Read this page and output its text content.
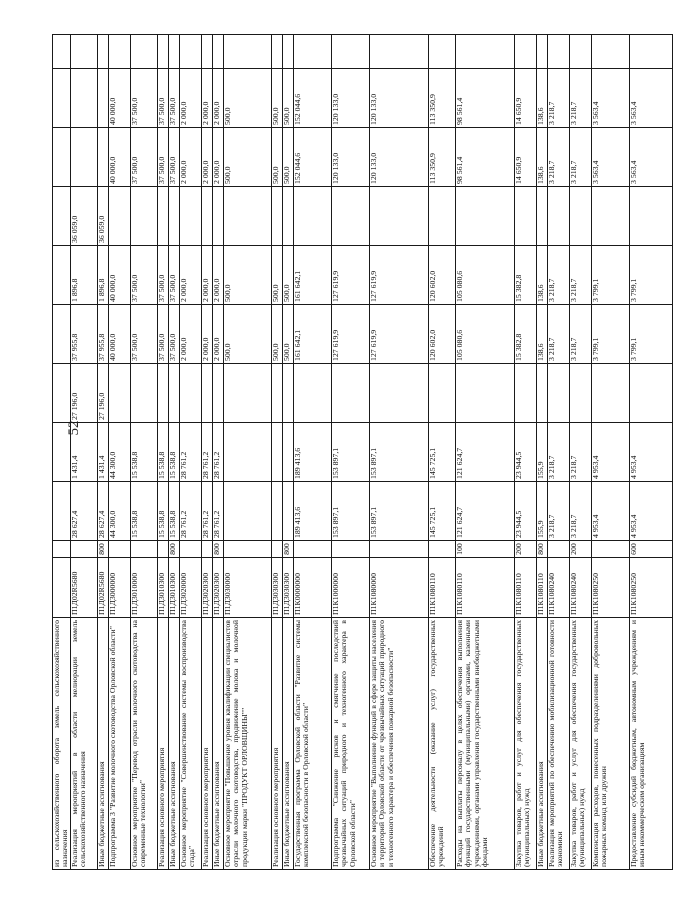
52
из сельскохозяйственного оборота земель сельскохозяйственного назначения											
Реализация мероприятий в области мелиорации земель сельскохозяйственного назначения	П1Д02R5680		28 627,4	1 431,4	27 196,0	37 955,8	1 896,8	36 059,0			
Иные бюджетные ассигнования	П1Д02R5680	800	28 627,4	1 431,4	27 196,0	37 955,8	1 896,8	36 059,0			
Подпрограмма 3 "Развитие молочного скотоводства Орловской области"	П1Д3000000		44 300,0	44 300,0		40 000,0	40 000,0		40 000,0	40 000,0	
Основное мероприятие "Перевод отрасли молочного скотоводства на современные технологии"	П1Д3010000		15 538,8	15 538,8		37 500,0	37 500,0		37 500,0	37 500,0	
Реализация основного мероприятия	П1Д3010300		15 538,8	15 538,8		37 500,0	37 500,0		37 500,0	37 500,0	
Иные бюджетные ассигнования	П1Д3010300	800	15 538,8	15 538,8		37 500,0	37 500,0		37 500,0	37 500,0	
Основное мероприятие "Совершенствование системы воспроизводства стада"	П1Д3020000		28 761,2	28 761,2		2 000,0	2 000,0		2 000,0	2 000,0	
Реализация основного мероприятия	П1Д3020300		28 761,2	28 761,2		2 000,0	2 000,0		2 000,0	2 000,0	
Иные бюджетные ассигнования	П1Д3020300	800	28 761,2	28 761,2		2 000,0	2 000,0		2 000,0	2 000,0	
Основное мероприятие "Повышение уровня квалификации специалистов отрасли молочного скотоводства, продвижение молока и молочной продукции марки "ПРОДУКТ ОРЛОВЩИНЫ""	П1Д3030000					500,0	500,0		500,0	500,0	
Реализация основного мероприятия	П1Д3030300					500,0	500,0		500,0	500,0	
Иные бюджетные ассигнования	П1Д3030300	800				500,0	500,0		500,0	500,0	
Государственная программа Орловской области "Развитие системы комплексной безопасности в Орловской области"	П1К0000000		189 413,6	189 413,6		161 642,1	161 642,1		152 044,6	152 044,6	
Подпрограмма "Снижение рисков и смягчение последствий чрезвычайных ситуаций природного и техногенного характера в Орловской области"	П1К1000000		153 897,1	153 897,1		127 619,9	127 619,9		120 133,0	120 133,0	
Основное мероприятие "Выполнение функций в сфере защиты населения и территорий Орловской области от чрезвычайных ситуаций природного и техногенного характера и обеспечения пожарной безопасности"	П1К1080000		153 897,1	153 897,1		127 619,9	127 619,9		120 133,0	120 133,0	
Обеспечение деятельности (оказание услуг) государственных учреждений	П1К1080110		145 725,1	145 725,1		120 602,0	120 602,0		113 350,9	113 350,9	
Расходы на выплаты персоналу в целях обеспечения выполнения функций государственными (муниципальными) органами, казенными учреждениями, органами управления государственными внебюджетными фондами	П1К1080110	100	121 624,7	121 624,7		105 080,6	105 080,6		98 561,4	98 561,4	
Закупка товаров, работ и услуг для обеспечения государственных (муниципальных) нужд	П1К1080110	200	23 944,5	23 944,5		15 382,8	15 382,8		14 650,9	14 650,9	
Иные бюджетные ассигнования	П1К1080110	800	155,9	155,9		138,6	138,6		138,6	138,6	
Реализация мероприятий по обеспечению мобилизационной готовности экономики	П1К1080240		3 218,7	3 218,7		3 218,7	3 218,7		3 218,7	3 218,7	
Закупка товаров, работ и услуг для обеспечения государственных (муниципальных) нужд	П1К1080240	200	3 218,7	3 218,7		3 218,7	3 218,7		3 218,7	3 218,7	
Компенсация расходов, понесенных подразделениями добровольных пожарных команд или дружин	П1К1080250		4 953,4	4 953,4		3 799,1	3 799,1		3 563,4	3 563,4	
Предоставление субсидий бюджетным, автономным учреждениям и иным некоммерческим организациям	П1К1080250	600	4 953,4	4 953,4		3 799,1	3 799,1		3 563,4	3 563,4	
